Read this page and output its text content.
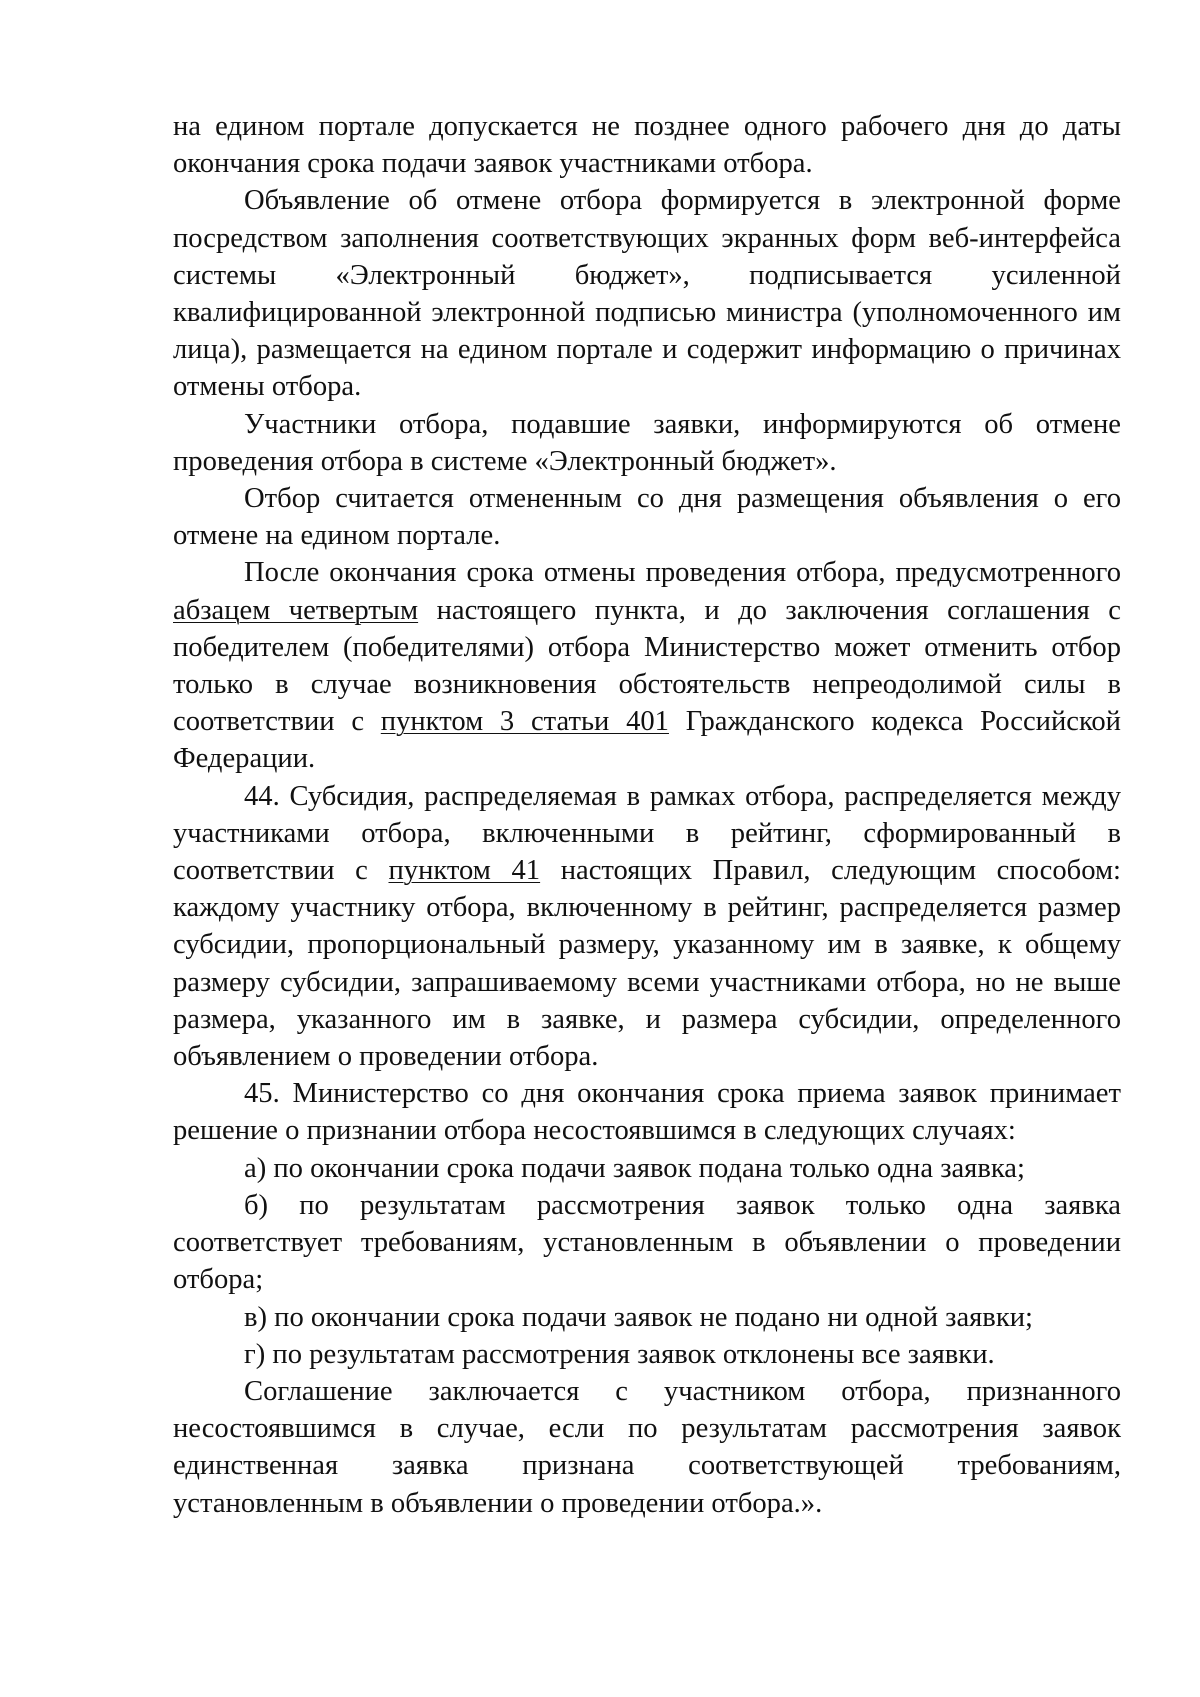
на едином портале допускается не позднее одного рабочего дня до даты окончания срока подачи заявок участниками отбора.

Объявление об отмене отбора формируется в электронной форме посредством заполнения соответствующих экранных форм веб-интерфейса системы «Электронный бюджет», подписывается усиленной квалифицированной электронной подписью министра (уполномоченного им лица), размещается на едином портале и содержит информацию о причинах отмены отбора.

Участники отбора, подавшие заявки, информируются об отмене проведения отбора в системе «Электронный бюджет».

Отбор считается отмененным со дня размещения объявления о его отмене на едином портале.

После окончания срока отмены проведения отбора, предусмотренного абзацем четвертым настоящего пункта, и до заключения соглашения с победителем (победителями) отбора Министерство может отменить отбор только в случае возникновения обстоятельств непреодолимой силы в соответствии с пунктом 3 статьи 401 Гражданского кодекса Российской Федерации.

44. Субсидия, распределяемая в рамках отбора, распределяется между участниками отбора, включенными в рейтинг, сформированный в соответствии с пунктом 41 настоящих Правил, следующим способом: каждому участнику отбора, включенному в рейтинг, распределяется размер субсидии, пропорциональный размеру, указанному им в заявке, к общему размеру субсидии, запрашиваемому всеми участниками отбора, но не выше размера, указанного им в заявке, и размера субсидии, определенного объявлением о проведении отбора.

45. Министерство со дня окончания срока приема заявок принимает решение о признании отбора несостоявшимся в следующих случаях:

а) по окончании срока подачи заявок подана только одна заявка;

б) по результатам рассмотрения заявок только одна заявка соответствует требованиям, установленным в объявлении о проведении отбора;

в) по окончании срока подачи заявок не подано ни одной заявки;

г) по результатам рассмотрения заявок отклонены все заявки.

Соглашение заключается с участником отбора, признанного несостоявшимся в случае, если по результатам рассмотрения заявок единственная заявка признана соответствующей требованиям, установленным в объявлении о проведении отбора.».
